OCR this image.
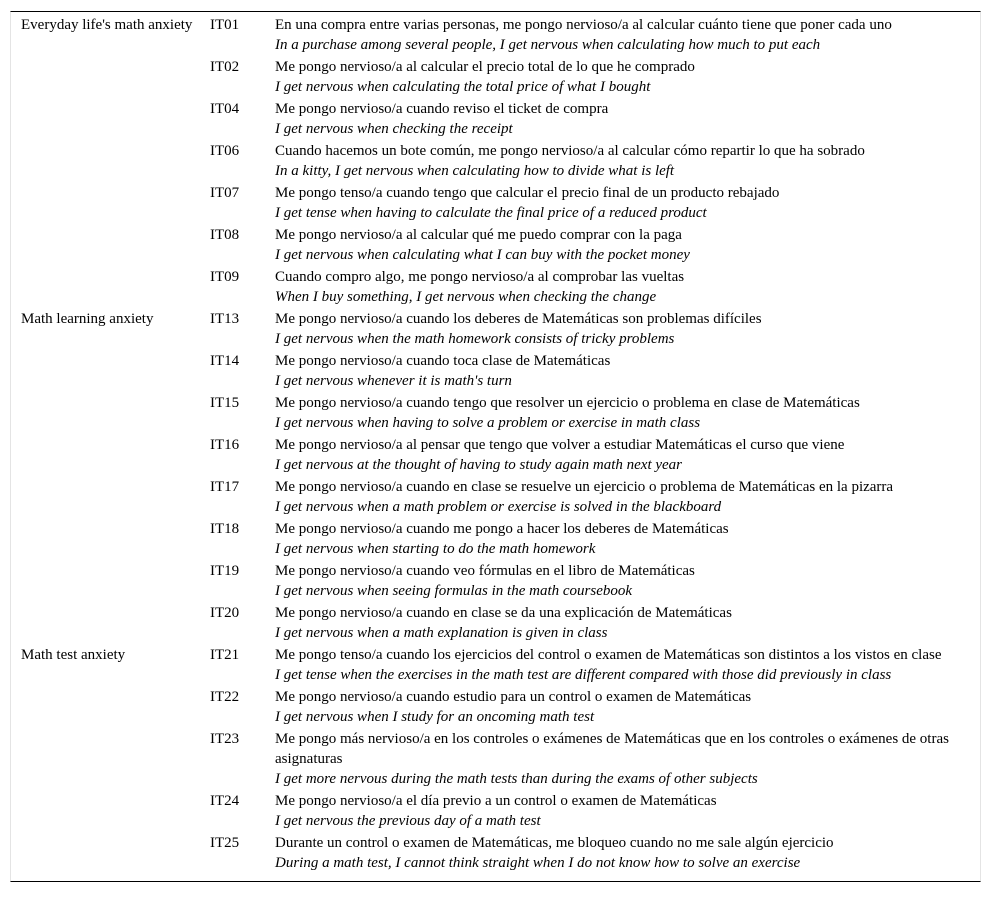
Everyday life's math anxiety	IT01	En una compra entre varias personas, me pongo nervioso/a al calcular cuánto tiene que poner cada uno
In a purchase among several people, I get nervous when calculating how much to put each

	IT02	Me pongo nervioso/a al calcular el precio total de lo que he comprado
I get nervous when calculating the total price of what I bought

	IT04	Me pongo nervioso/a cuando reviso el ticket de compra
I get nervous when checking the receipt

	IT06	Cuando hacemos un bote común, me pongo nervioso/a al calcular cómo repartir lo que ha sobrado
In a kitty, I get nervous when calculating how to divide what is left

	IT07	Me pongo tenso/a cuando tengo que calcular el precio final de un producto rebajado
I get tense when having to calculate the final price of a reduced product

	IT08	Me pongo nervioso/a al calcular qué me puedo comprar con la paga
I get nervous when calculating what I can buy with the pocket money

	IT09	Cuando compro algo, me pongo nervioso/a al comprobar las vueltas
When I buy something, I get nervous when checking the change

Math learning anxiety	IT13	Me pongo nervioso/a cuando los deberes de Matemáticas son problemas difíciles
I get nervous when the math homework consists of tricky problems

	IT14	Me pongo nervioso/a cuando toca clase de Matemáticas
I get nervous whenever it is math's turn

	IT15	Me pongo nervioso/a cuando tengo que resolver un ejercicio o problema en clase de Matemáticas
I get nervous when having to solve a problem or exercise in math class

	IT16	Me pongo nervioso/a al pensar que tengo que volver a estudiar Matemáticas el curso que viene
I get nervous at the thought of having to study again math next year

	IT17	Me pongo nervioso/a cuando en clase se resuelve un ejercicio o problema de Matemáticas en la pizarra
I get nervous when a math problem or exercise is solved in the blackboard

	IT18	Me pongo nervioso/a cuando me pongo a hacer los deberes de Matemáticas
I get nervous when starting to do the math homework

	IT19	Me pongo nervioso/a cuando veo fórmulas en el libro de Matemáticas
I get nervous when seeing formulas in the math coursebook

	IT20	Me pongo nervioso/a cuando en clase se da una explicación de Matemáticas
I get nervous when a math explanation is given in class

Math test anxiety	IT21	Me pongo tenso/a cuando los ejercicios del control o examen de Matemáticas son distintos a los vistos en clase
I get tense when the exercises in the math test are different compared with those did previously in class

	IT22	Me pongo nervioso/a cuando estudio para un control o examen de Matemáticas
I get nervous when I study for an oncoming math test

	IT23	Me pongo más nervioso/a en los controles o exámenes de Matemáticas que en los controles o exámenes de otras asignaturas
I get more nervous during the math tests than during the exams of other subjects

	IT24	Me pongo nervioso/a el día previo a un control o examen de Matemáticas
I get nervous the previous day of a math test

	IT25	Durante un control o examen de Matemáticas, me bloqueo cuando no me sale algún ejercicio
During a math test, I cannot think straight when I do not know how to solve an exercise
